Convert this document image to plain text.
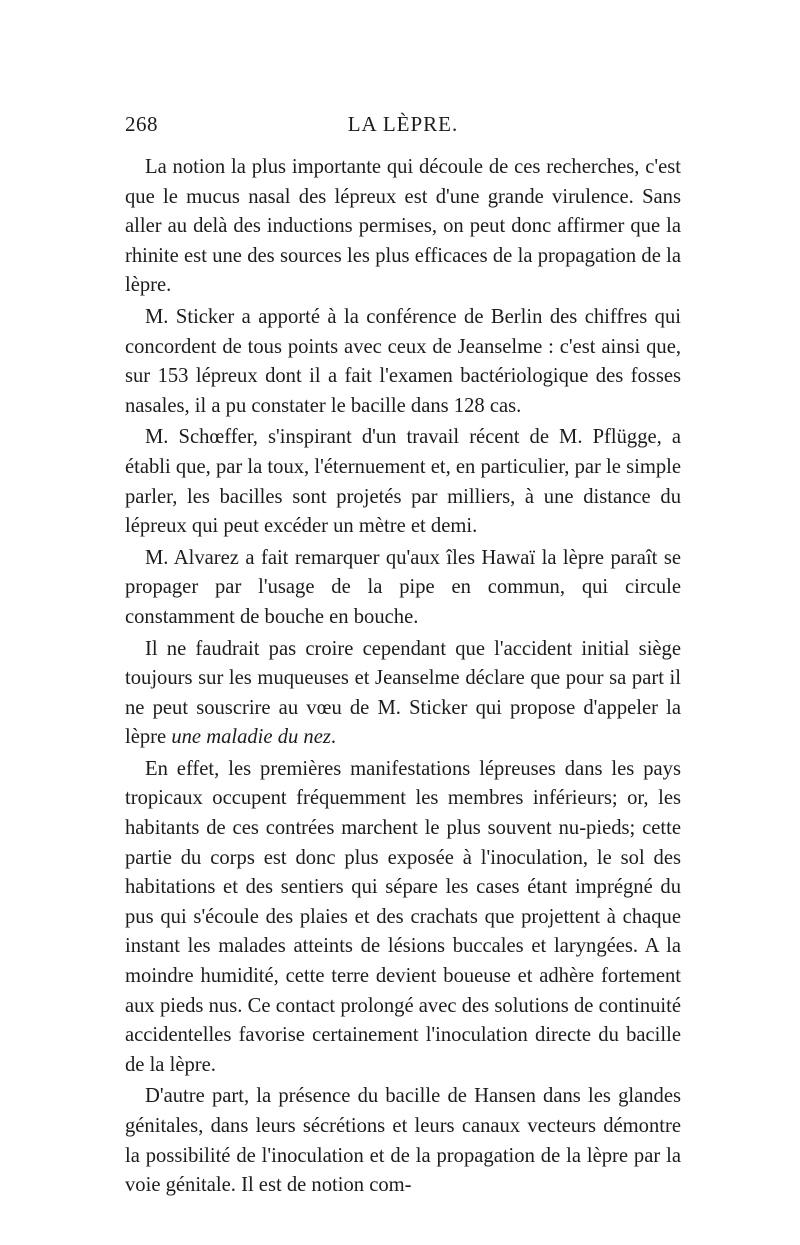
268	LA LÈPRE.

La notion la plus importante qui découle de ces recherches, c'est que le mucus nasal des lépreux est d'une grande virulence. Sans aller au delà des inductions permises, on peut donc affirmer que la rhinite est une des sources les plus efficaces de la propagation de la lèpre.

M. Sticker a apporté à la conférence de Berlin des chiffres qui concordent de tous points avec ceux de Jeanselme : c'est ainsi que, sur 153 lépreux dont il a fait l'examen bactériologique des fosses nasales, il a pu constater le bacille dans 128 cas.

M. Schœffer, s'inspirant d'un travail récent de M. Pflügge, a établi que, par la toux, l'éternuement et, en particulier, par le simple parler, les bacilles sont projetés par milliers, à une distance du lépreux qui peut excéder un mètre et demi.

M. Alvarez a fait remarquer qu'aux îles Hawaï la lèpre paraît se propager par l'usage de la pipe en commun, qui circule constamment de bouche en bouche.

Il ne faudrait pas croire cependant que l'accident initial siège toujours sur les muqueuses et Jeanselme déclare que pour sa part il ne peut souscrire au vœu de M. Sticker qui propose d'appeler la lèpre une maladie du nez.

En effet, les premières manifestations lépreuses dans les pays tropicaux occupent fréquemment les membres inférieurs; or, les habitants de ces contrées marchent le plus souvent nu-pieds; cette partie du corps est donc plus exposée à l'inoculation, le sol des habitations et des sentiers qui sépare les cases étant imprégné du pus qui s'écoule des plaies et des crachats que projettent à chaque instant les malades atteints de lésions buccales et laryngées. A la moindre humidité, cette terre devient boueuse et adhère fortement aux pieds nus. Ce contact prolongé avec des solutions de continuité accidentelles favorise certainement l'inoculation directe du bacille de la lèpre.

D'autre part, la présence du bacille de Hansen dans les glandes génitales, dans leurs sécrétions et leurs canaux vecteurs démontre la possibilité de l'inoculation et de la propagation de la lèpre par la voie génitale. Il est de notion com-
